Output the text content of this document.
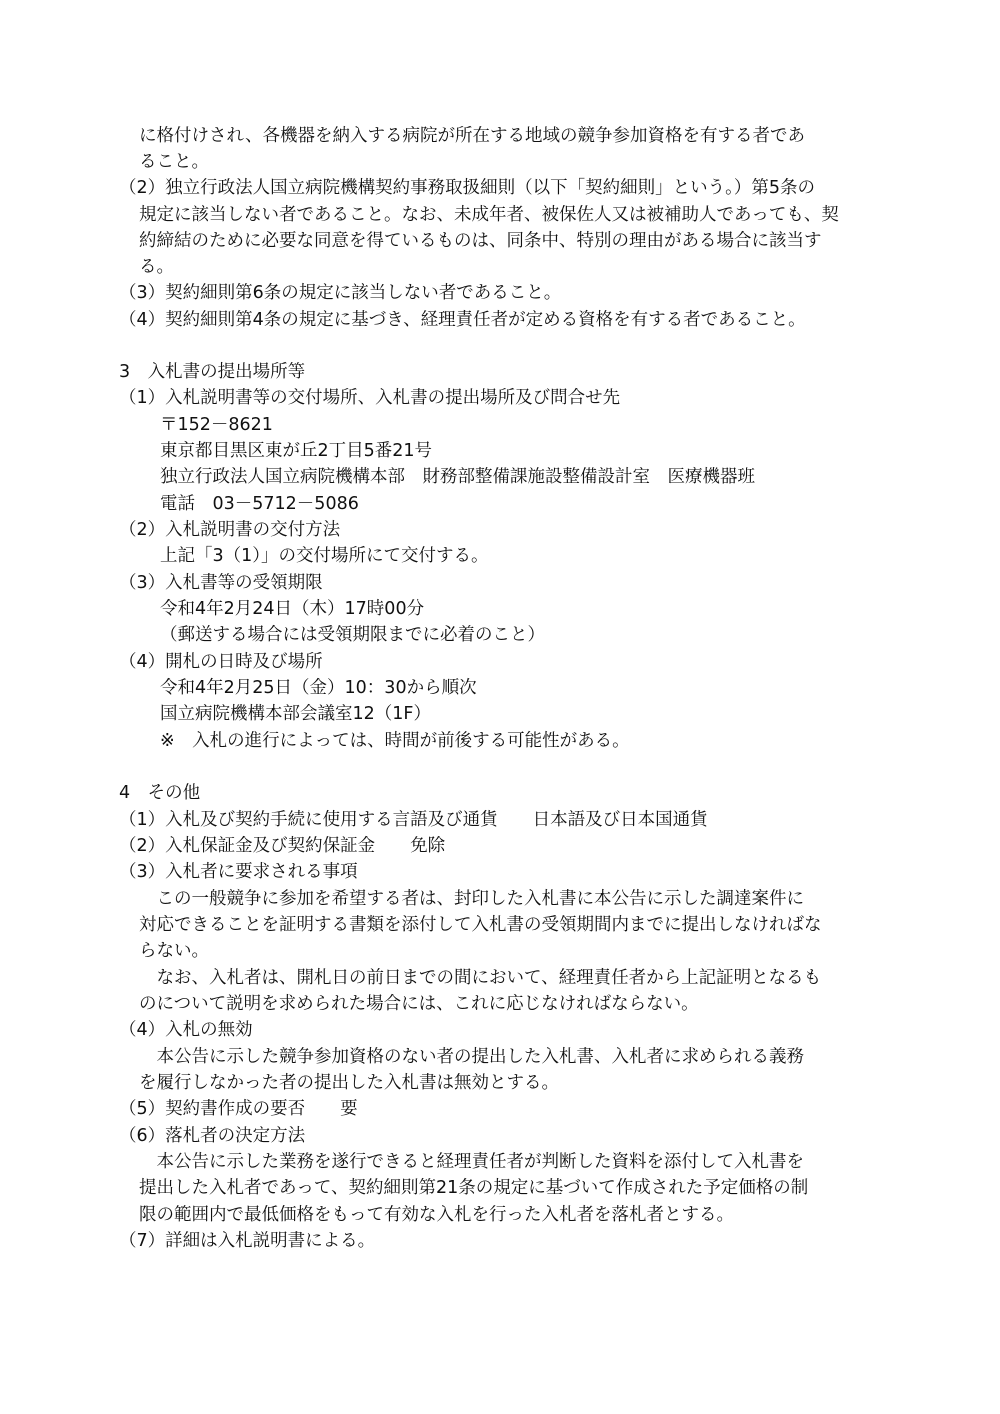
に格付けされ、各機器を納入する病院が所在する地域の競争参加資格を有する者であ
ること。
（2）独立行政法人国立病院機構契約事務取扱細則（以下「契約細則」という。）第5条の
規定に該当しない者であること。なお、未成年者、被保佐人又は被補助人であっても、契
約締結のために必要な同意を得ているものは、同条中、特別の理由がある場合に該当す
る。
（3）契約細則第6条の規定に該当しない者であること。
（4）契約細則第4条の規定に基づき、経理責任者が定める資格を有する者であること。
3　入札書の提出場所等
（1）入札説明書等の交付場所、入札書の提出場所及び問合せ先
〒152－8621
東京都目黒区東が丘2丁目5番21号
独立行政法人国立病院機構本部　財務部整備課施設整備設計室　医療機器班
電話　03－5712－5086
（2）入札説明書の交付方法
上記「3（1）」の交付場所にて交付する。
（3）入札書等の受領期限
令和4年2月24日（木）17時00分
（郵送する場合には受領期限までに必着のこと）
（4）開札の日時及び場所
令和4年2月25日（金）10：30から順次
国立病院機構本部会議室12（1F）
※　入札の進行によっては、時間が前後する可能性がある。
4　その他
（1）入札及び契約手続に使用する言語及び通貨　　日本語及び日本国通貨
（2）入札保証金及び契約保証金　　免除
（3）入札者に要求される事項
　この一般競争に参加を希望する者は、封印した入札書に本公告に示した調達案件に
対応できることを証明する書類を添付して入札書の受領期間内までに提出しなければな
らない。
　なお、入札者は、開札日の前日までの間において、経理責任者から上記証明となるも
のについて説明を求められた場合には、これに応じなければならない。
（4）入札の無効
　本公告に示した競争参加資格のない者の提出した入札書、入札者に求められる義務
を履行しなかった者の提出した入札書は無効とする。
（5）契約書作成の要否　　要
（6）落札者の決定方法
　本公告に示した業務を遂行できると経理責任者が判断した資料を添付して入札書を
提出した入札者であって、契約細則第21条の規定に基づいて作成された予定価格の制
限の範囲内で最低価格をもって有効な入札を行った入札者を落札者とする。
（7）詳細は入札説明書による。
